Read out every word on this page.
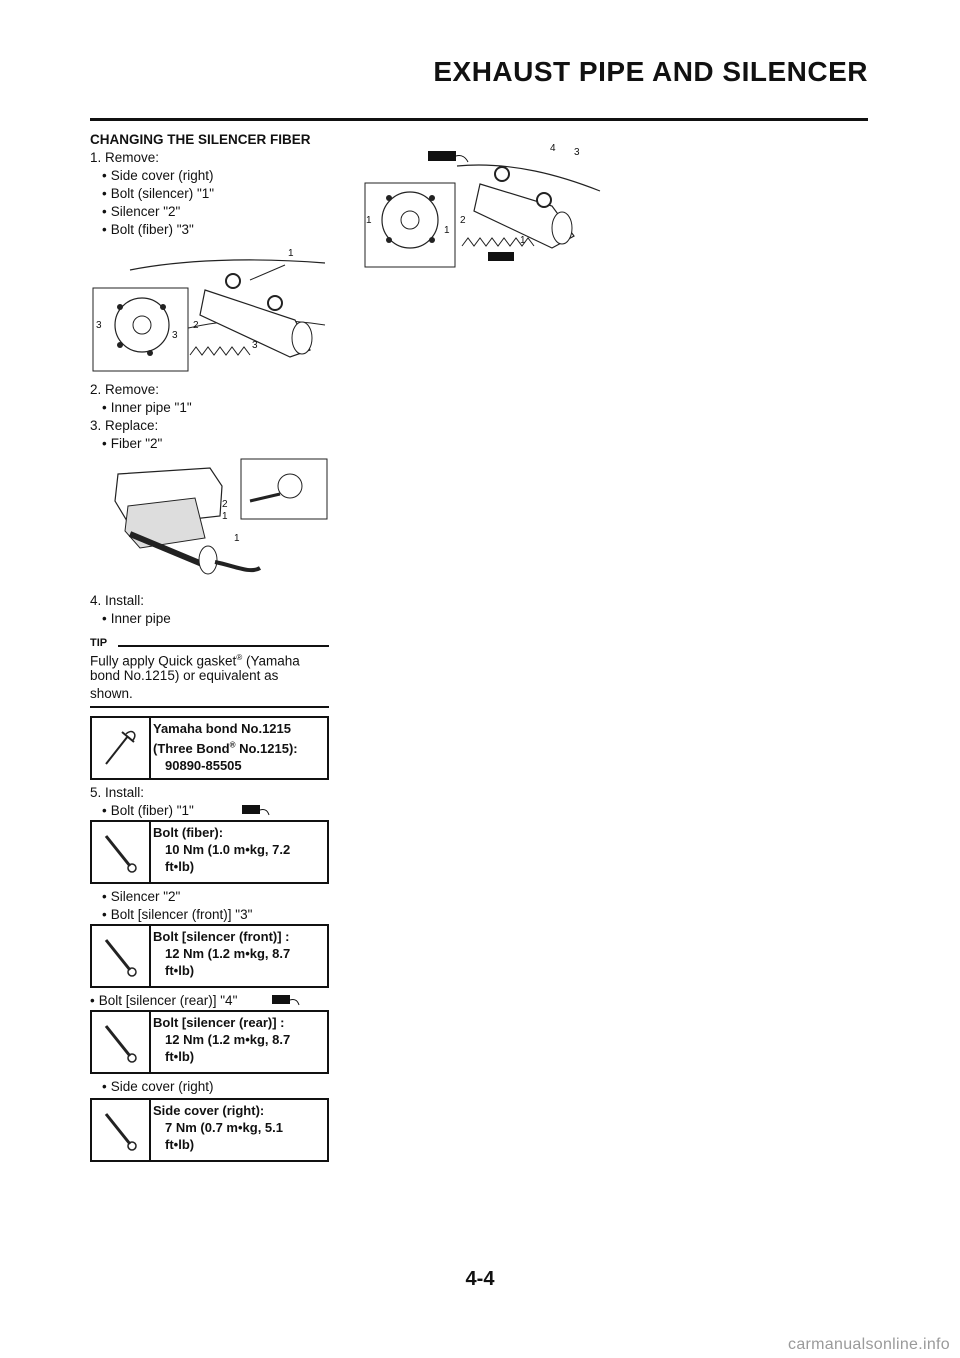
EXHAUST PIPE AND SILENCER
CHANGING THE SILENCER FIBER
1. Remove:
• Side cover (right)
• Bolt (silencer) "1"
• Silencer "2"
• Bolt (fiber) "3"
1
3	2
3
3
2. Remove:
• Inner pipe "1"
3. Replace:
• Fiber "2"
2
1
1
4. Install:
• Inner pipe
TIP
Fully apply Quick gasket® (Yamaha
bond No.1215) or equivalent as
shown.
Yamaha bond No.1215
(Three Bond® No.1215):
90890-85505
5. Install:
• Bolt (fiber) "1"
Bolt (fiber):
10 Nm (1.0 m•kg, 7.2
ft•lb)
• Silencer "2"
• Bolt [silencer (front)] "3"
Bolt [silencer (front)] :
12 Nm (1.2 m•kg, 8.7
ft•lb)
• Bolt [silencer (rear)] "4"
Bolt [silencer (rear)] :
12 Nm (1.2 m•kg, 8.7
ft•lb)
• Side cover (right)
Side cover (right):
7 Nm (0.7 m•kg, 5.1
ft•lb)
4 3
1	2
1
1
4-4
carmanualsonline.info
